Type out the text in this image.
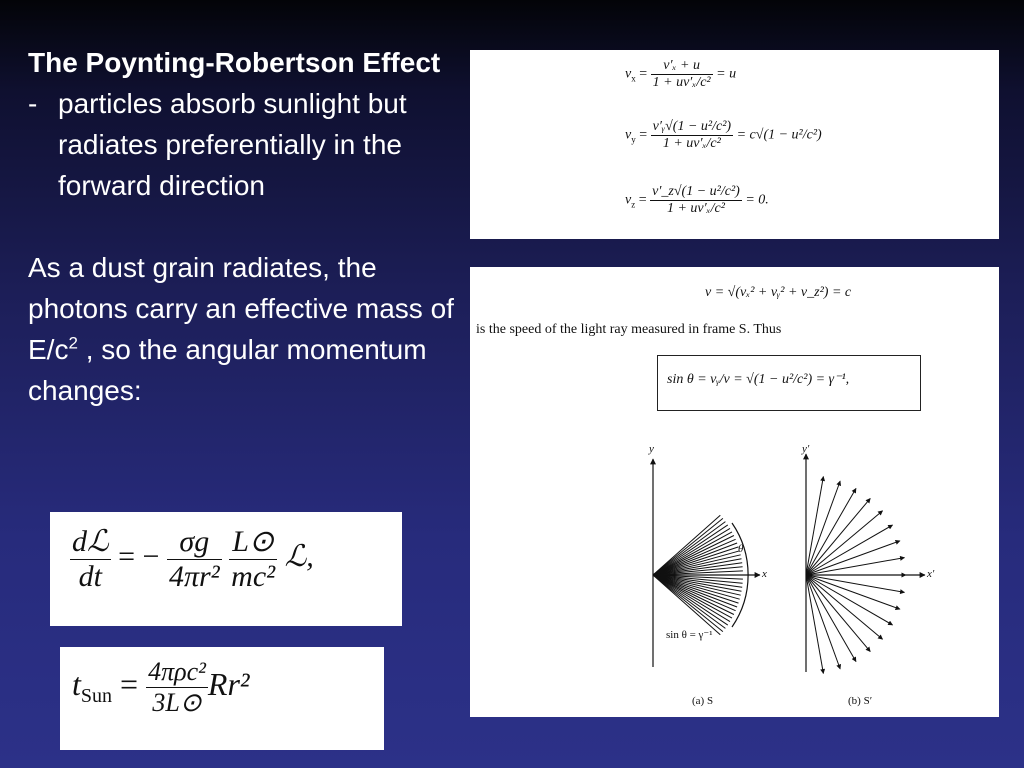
The Poynting-Robertson Effect
- particles absorb sunlight but radiates preferentially in the forward direction
As a dust grain radiates, the photons carry an effective mass of $E/c^2$ , so the angular momentum changes:
$v_x = \frac{\text{v′ₓ + u}}{\text{1 + uv′ₓ/c²}} = u$
$v_y = \frac{\text{v′ᵧ√(1 − u²/c²)}}{\text{1 + uv′ₓ/c²}} = c√(1 - u^2/c^2)$
$v_z = \frac{\text{v′\_z√(1 − u²/c²)}}{\text{1 + uv′ₓ/c²}} = 0$.
v = √(vₓ² + vᵧ² + v_z²) = c
is the speed of the light ray measured in frame S. Thus
sin θ = vᵧ/v = √(1 − u²/c²) = γ⁻¹,
y
x
θ
sin θ = γ⁻¹
y′
x′
(a) S	(b) S′
$\frac{\text{dℒ}}{dt}$ = − $\frac{\sigma g}{\text{4πr²}}$
$\frac{L⊙}{\text{mc²}}$ ℒ,
$t_{Sun} = \frac{\text{4πρc²}}{3L⊙} Rr^2$
